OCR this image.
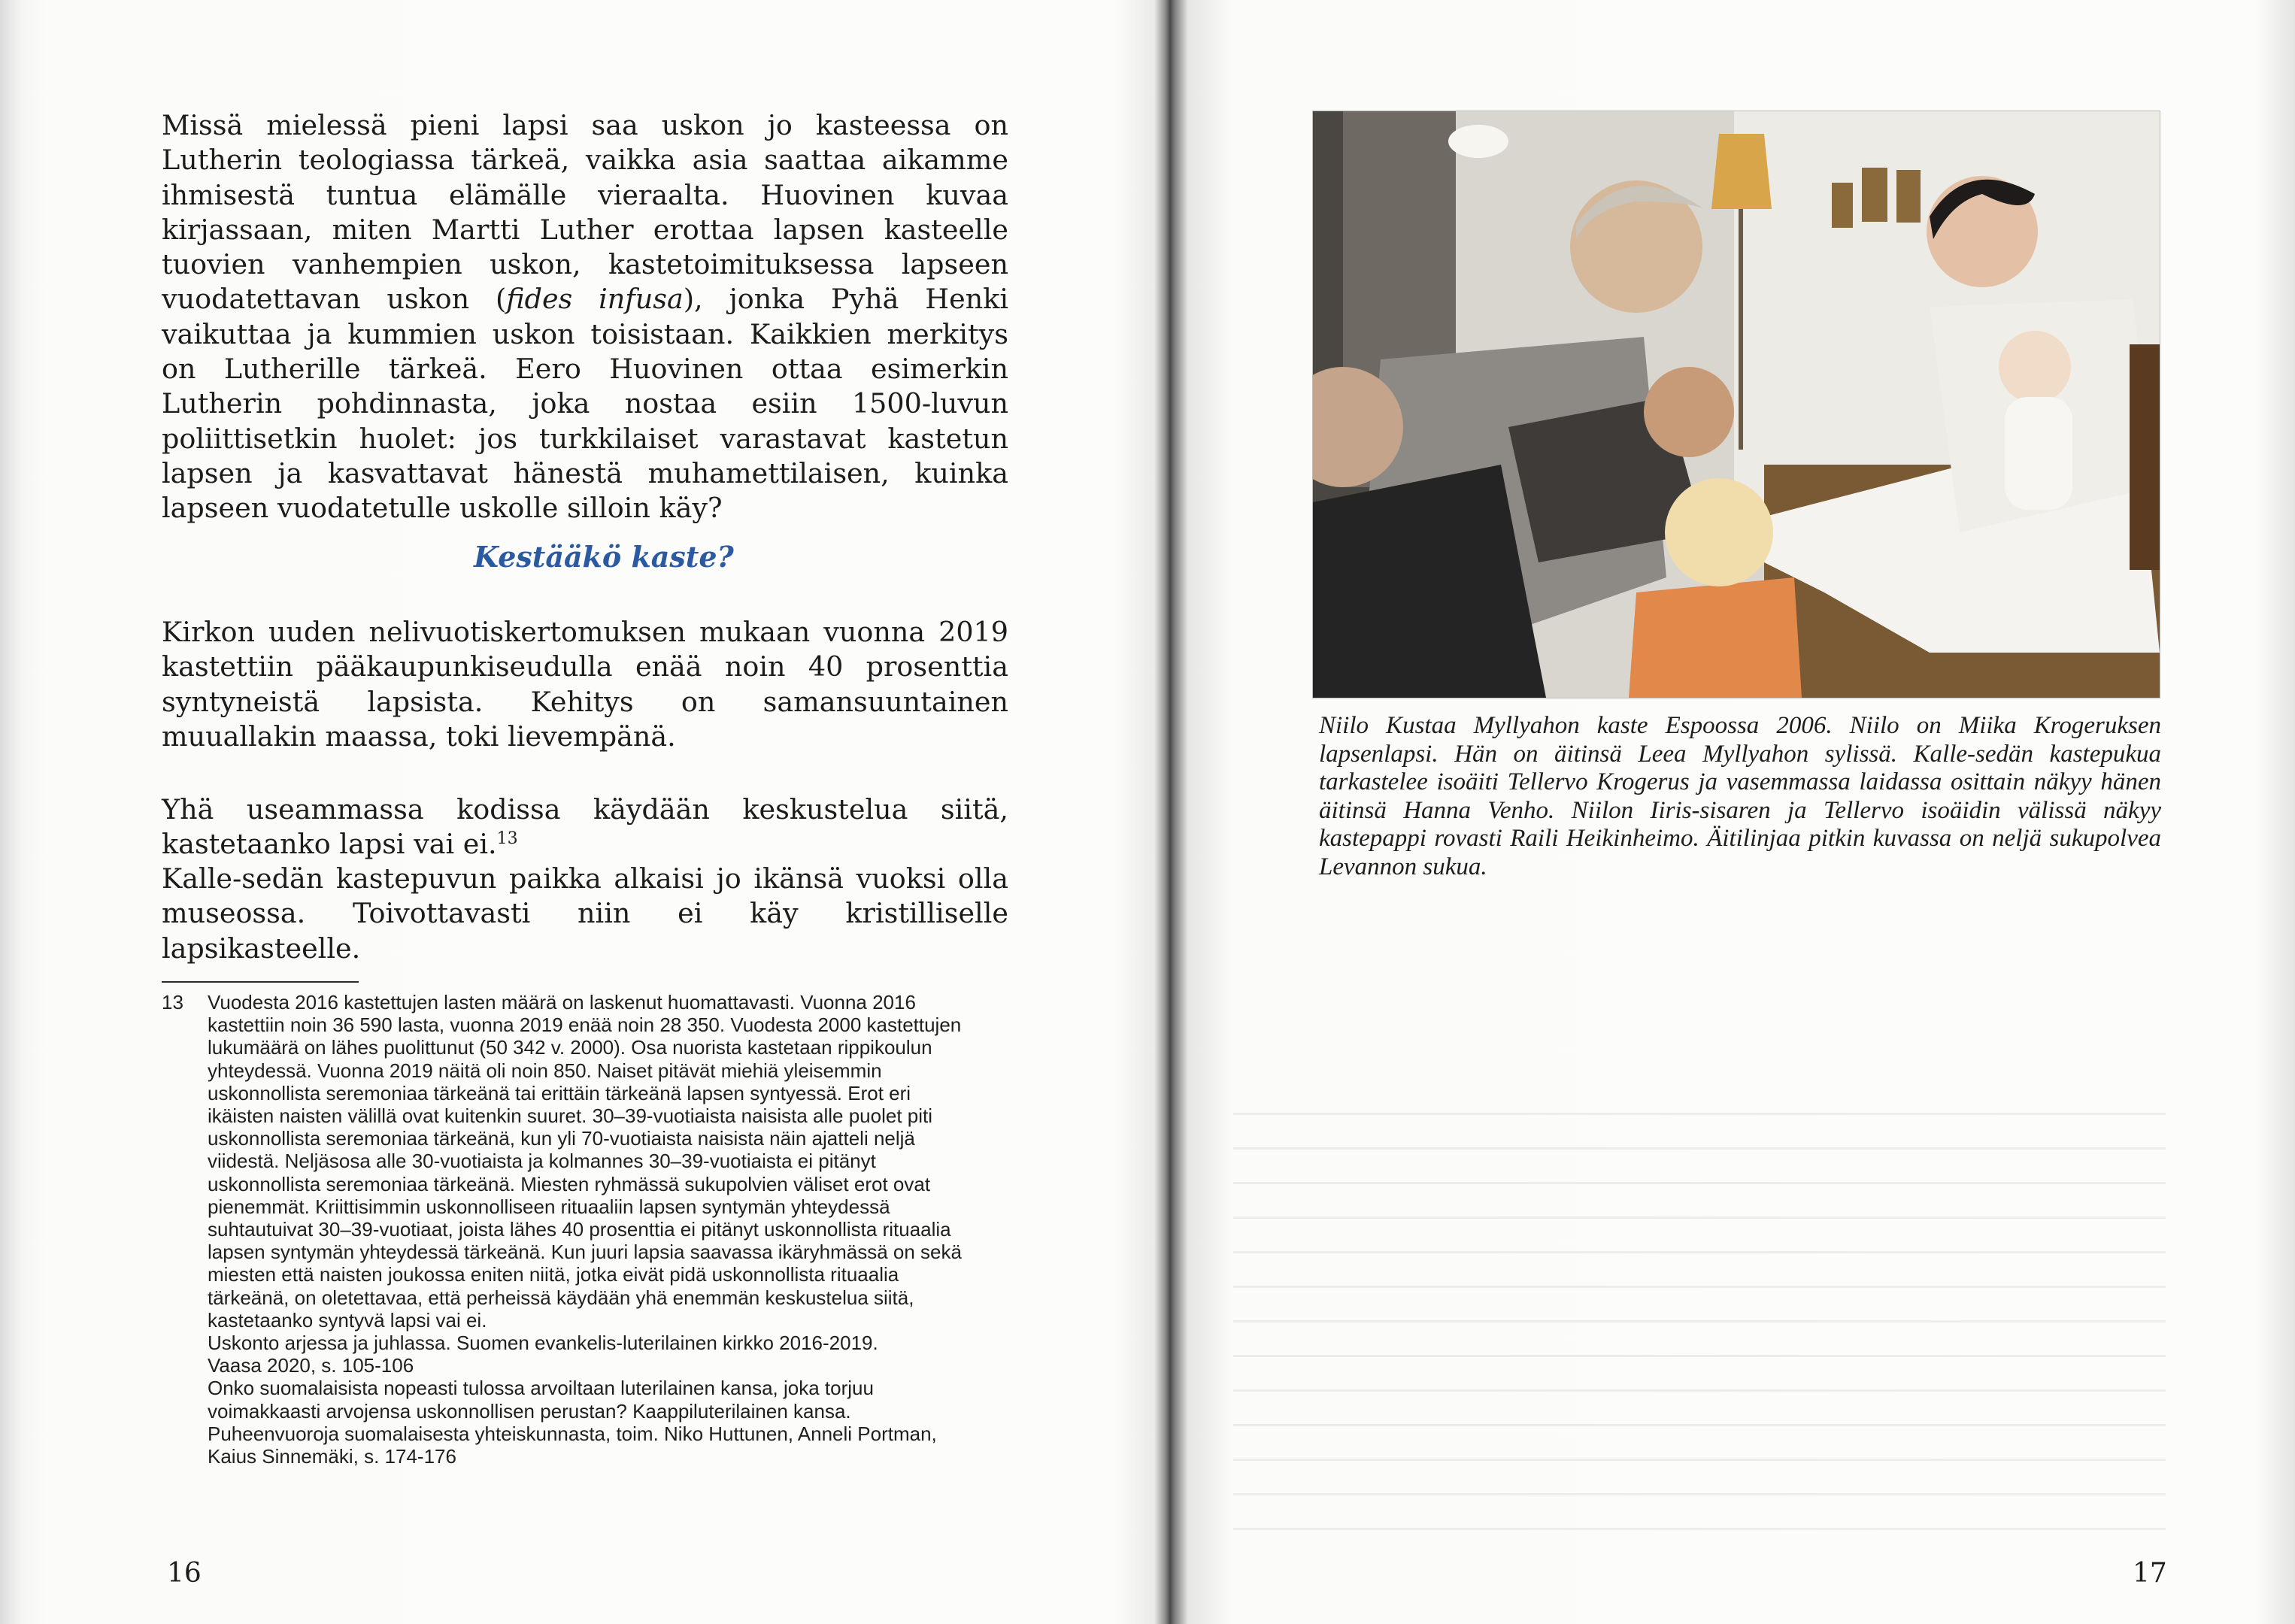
Missä mielessä pieni lapsi saa uskon jo kasteessa on Lutherin teologiassa tärkeä, vaikka asia saattaa aikamme ihmisestä tuntua elämälle vieraalta. Huovinen kuvaa kirjassaan, miten Martti Luther erottaa lapsen kasteelle tuovien vanhempien uskon, kastetoimituksessa lapseen vuodatettavan uskon (fides infusa), jonka Pyhä Henki vaikuttaa ja kummien uskon toisistaan. Kaikkien merkitys on Lutherille tärkeä. Eero Huovinen ottaa esimerkin Lutherin pohdinnasta, joka nostaa esiin 1500-luvun poliittisetkin huolet: jos turkkilaiset varastavat kastetun lapsen ja kasvattavat hänestä muhamettilaisen, kuinka lapseen vuodatetulle uskolle silloin käy?

Kestääkö kaste?

Kirkon uuden nelivuotiskertomuksen mukaan vuonna 2019 kastettiin pääkaupunkiseudulla enää noin 40 prosenttia syntyneistä lapsista. Kehitys on samansuuntainen muuallakin maassa, toki lievempänä.

Yhä useammassa kodissa käydään keskustelua siitä, kastetaanko lapsi vai ei.$^{13}$

Kalle-sedän kastepuvun paikka alkaisi jo ikänsä vuoksi olla museossa. Toivottavasti niin ei käy kristilliselle lapsikasteelle.

13	Vuodesta 2016 kastettujen lasten määrä on laskenut huomattavasti. Vuonna 2016 kastettiin noin 36 590 lasta, vuonna 2019 enää noin 28 350. Vuodesta 2000 kastettujen lukumäärä on lähes puolittunut (50 342 v. 2000). Osa nuorista kastetaan rippikoulun yhteydessä. Vuonna 2019 näitä oli noin 850. Naiset pitävät miehiä yleisemmin uskonnollista seremoniaa tärkeänä tai erittäin tärkeänä lapsen syntyessä. Erot eri ikäisten naisten välillä ovat kuitenkin suuret. 30–39-vuotiaista naisista alle puolet piti uskonnollista seremoniaa tärkeänä, kun yli 70-vuotiaista naisista näin ajatteli neljä viidestä. Neljäsosa alle 30-vuotiaista ja kolmannes 30–39-vuotiaista ei pitänyt uskonnollista seremoniaa tärkeänä. Miesten ryhmässä sukupolvien väliset erot ovat pienemmät. Kriittisimmin uskonnolliseen rituaaliin lapsen syntymän yhteydessä suhtautuivat 30–39-vuotiaat, joista lähes 40 prosenttia ei pitänyt uskonnollista rituaalia lapsen syntymän yhteydessä tärkeänä. Kun juuri lapsia saavassa ikäryhmässä on sekä miesten että naisten joukossa eniten niitä, jotka eivät pidä uskonnollista rituaalia tärkeänä, on oletettavaa, että perheissä käydään yhä enemmän keskustelua siitä, kastetaanko syntyvä lapsi vai ei.

Uskonto arjessa ja juhlassa. Suomen evankelis-luterilainen kirkko 2016-2019.

Vaasa 2020, s. 105-106

Onko suomalaisista nopeasti tulossa arvoiltaan luterilainen kansa, joka torjuu voimakkaasti arvojensa uskonnollisen perustan? Kaappiluterilainen kansa. Puheenvuoroja suomalaisesta yhteiskunnasta, toim. Niko Huttunen, Anneli Portman, Kaius Sinnemäki, s. 174-176

16

Niilo Kustaa Myllyahon kaste Espoossa 2006. Niilo on Miika Krogeruksen lapsenlapsi. Hän on äitinsä Leea Myllyahon sylissä. Kalle-sedän kastepukua tarkastelee isoäiti Tellervo Krogerus ja vasemmassa laidassa osittain näkyy hänen äitinsä Hanna Venho. Niilon Iiris-sisaren ja Tellervo isoäidin välissä näkyy kastepappi rovasti Raili Heikinheimo. Äitilinjaa pitkin kuvassa on neljä sukupolvea Levannon sukua.

17
